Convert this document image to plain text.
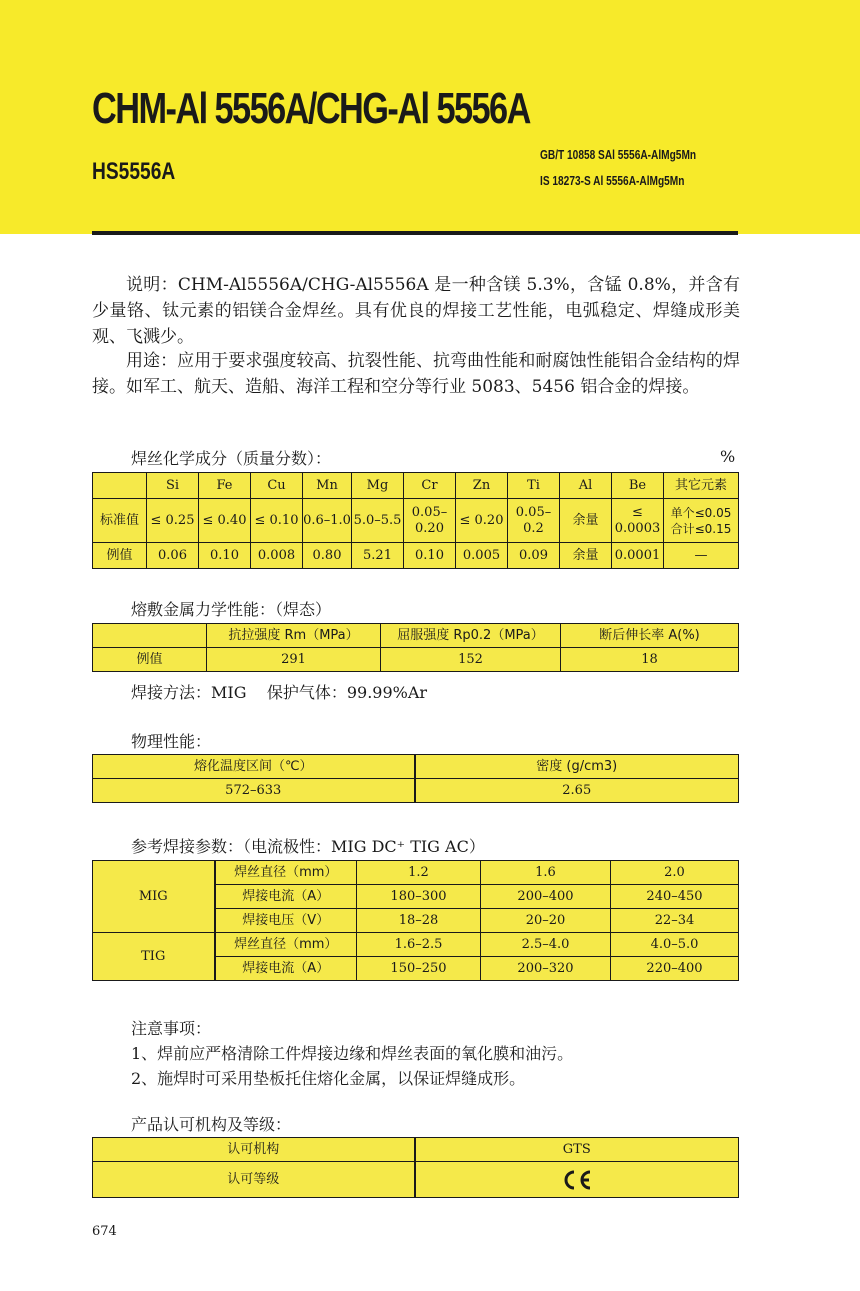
CHM-Al 5556A/CHG-Al 5556A
HS5556A
GB/T 10858 SAl 5556A-AlMg5Mn
IS 18273-S Al 5556A-AlMg5Mn
说明：CHM-Al5556A/CHG-Al5556A 是一种含镁 5.3%，含锰 0.8%，并含有少量铬、钛元素的铝镁合金焊丝。具有优良的焊接工艺性能，电弧稳定、焊缝成形美观、飞溅少。
用途：应用于要求强度较高、抗裂性能、抗弯曲性能和耐腐蚀性能铝合金结构的焊接。如军工、航天、造船、海洋工程和空分等行业 5083、5456 铝合金的焊接。
焊丝化学成分（质量分数）：	%
	Si	Fe	Cu	Mn	Mg	Cr	Zn	Ti	Al	Be	其它元素
标准值	≤ 0.25	≤ 0.40	≤ 0.10	0.6–1.0	5.0–5.5	0.05– 0.20	≤ 0.20	0.05– 0.2	余量	≤ 0.0003	单个≤0.05 合计≤0.15
例值	0.06	0.10	0.008	0.80	5.21	0.10	0.005	0.09	余量	0.0001	—
熔敷金属力学性能：（焊态）
	抗拉强度 Rm（MPa）	屈服强度 Rp0.2（MPa）	断后伸长率 A(%)
例值	291	152	18
焊接方法：MIG 保护气体：99.99%Ar
物理性能：
熔化温度区间（℃）	密度 (g/cm3)
572–633	2.65
参考焊接参数：（电流极性：MIG DC⁺ TIG AC）
MIG	焊丝直径（mm）	1.2	1.6	2.0
	焊接电流（A）	180–300	200–400	240–450
	焊接电压（V）	18–28	20–20	22–34
TIG	焊丝直径（mm）	1.6–2.5	2.5–4.0	4.0–5.0
	焊接电流（A）	150–250	200–320	220–400
注意事项：
1、焊前应严格清除工件焊接边缘和焊丝表面的氧化膜和油污。
2、施焊时可采用垫板托住熔化金属，以保证焊缝成形。
产品认可机构及等级：
认可机构	GTS
认可等级	
674
